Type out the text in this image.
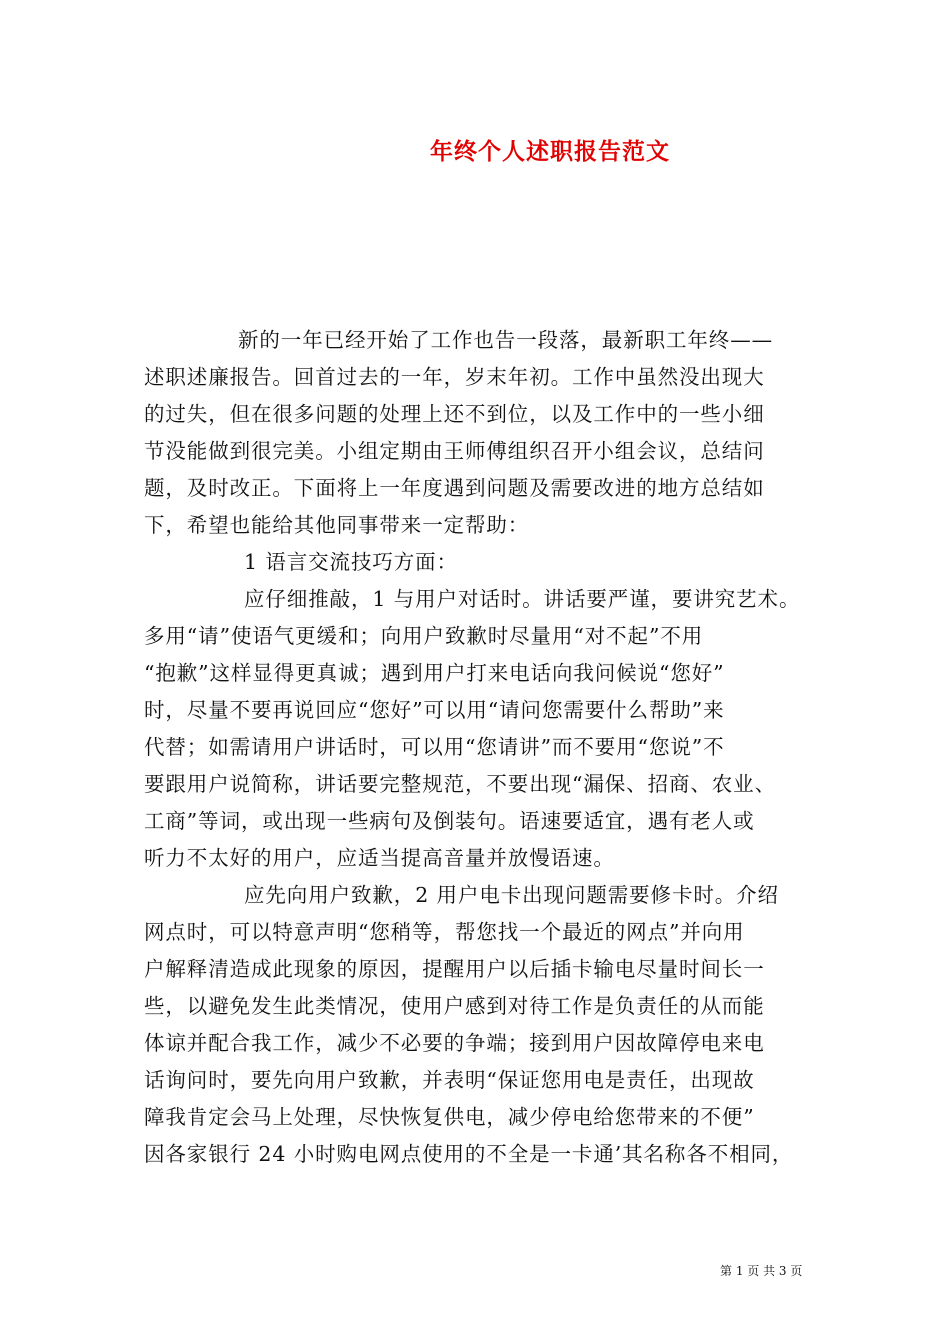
年终个人述职报告范文
新的一年已经开始了工作也告一段落，最新职工年终——
述职述廉报告。回首过去的一年，岁末年初。工作中虽然没出现大
的过失，但在很多问题的处理上还不到位，以及工作中的一些小细
节没能做到很完美。小组定期由王师傅组织召开小组会议，总结问
题，及时改正。下面将上一年度遇到问题及需要改进的地方总结如
下，希望也能给其他同事带来一定帮助：
1 语言交流技巧方面：
应仔细推敲，1 与用户对话时。讲话要严谨，要讲究艺术。
多用“请”使语气更缓和；向用户致歉时尽量用“对不起”不用
“抱歉”这样显得更真诚；遇到用户打来电话向我问候说“您好”
时，尽量不要再说回应“您好”可以用“请问您需要什么帮助”来
代替；如需请用户讲话时，可以用“您请讲”而不要用“您说”不
要跟用户说简称，讲话要完整规范，不要出现“漏保、招商、农业、
工商”等词，或出现一些病句及倒装句。语速要适宜，遇有老人或
听力不太好的用户，应适当提高音量并放慢语速。
应先向用户致歉，2 用户电卡出现问题需要修卡时。介绍
网点时，可以特意声明“您稍等，帮您找一个最近的网点”并向用
户解释清造成此现象的原因，提醒用户以后插卡输电尽量时间长一
些，以避免发生此类情况，使用户感到对待工作是负责任的从而能
体谅并配合我工作，减少不必要的争端；接到用户因故障停电来电
话询问时，要先向用户致歉，并表明“保证您用电是责任，出现故
障我肯定会马上处理，尽快恢复供电，减少停电给您带来的不便”
因各家银行 24 小时购电网点使用的不全是一卡通’其名称各不相同，
第 1 页 共 3 页
